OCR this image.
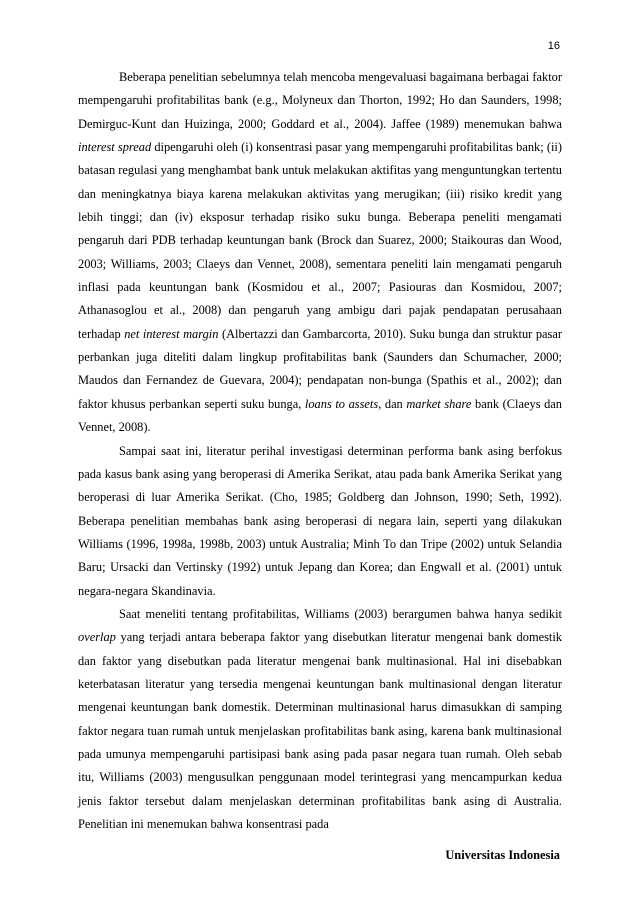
16

Beberapa penelitian sebelumnya telah mencoba mengevaluasi bagaimana berbagai faktor mempengaruhi profitabilitas bank (e.g., Molyneux dan Thorton, 1992; Ho dan Saunders, 1998; Demirguc-Kunt dan Huizinga, 2000; Goddard et al., 2004). Jaffee (1989) menemukan bahwa interest spread dipengaruhi oleh (i) konsentrasi pasar yang mempengaruhi profitabilitas bank; (ii) batasan regulasi yang menghambat bank untuk melakukan aktifitas yang menguntungkan tertentu dan meningkatnya biaya karena melakukan aktivitas yang merugikan; (iii) risiko kredit yang lebih tinggi; dan (iv) eksposur terhadap risiko suku bunga. Beberapa peneliti mengamati pengaruh dari PDB terhadap keuntungan bank (Brock dan Suarez, 2000; Staikouras dan Wood, 2003; Williams, 2003; Claeys dan Vennet, 2008), sementara peneliti lain mengamati pengaruh inflasi pada keuntungan bank (Kosmidou et al., 2007; Pasiouras dan Kosmidou, 2007; Athanasoglou et al., 2008) dan pengaruh yang ambigu dari pajak pendapatan perusahaan terhadap net interest margin (Albertazzi dan Gambarcorta, 2010). Suku bunga dan struktur pasar perbankan juga diteliti dalam lingkup profitabilitas bank (Saunders dan Schumacher, 2000; Maudos dan Fernandez de Guevara, 2004); pendapatan non-bunga (Spathis et al., 2002); dan faktor khusus perbankan seperti suku bunga, loans to assets, dan market share bank (Claeys dan Vennet, 2008).

Sampai saat ini, literatur perihal investigasi determinan performa bank asing berfokus pada kasus bank asing yang beroperasi di Amerika Serikat, atau pada bank Amerika Serikat yang beroperasi di luar Amerika Serikat. (Cho, 1985; Goldberg dan Johnson, 1990; Seth, 1992). Beberapa penelitian membahas bank asing beroperasi di negara lain, seperti yang dilakukan Williams (1996, 1998a, 1998b, 2003) untuk Australia; Minh To dan Tripe (2002) untuk Selandia Baru; Ursacki dan Vertinsky (1992) untuk Jepang dan Korea; dan Engwall et al. (2001) untuk negara-negara Skandinavia.

Saat meneliti tentang profitabilitas, Williams (2003) berargumen bahwa hanya sedikit overlap yang terjadi antara beberapa faktor yang disebutkan literatur mengenai bank domestik dan faktor yang disebutkan pada literatur mengenai bank multinasional. Hal ini disebabkan keterbatasan literatur yang tersedia mengenai keuntungan bank multinasional dengan literatur mengenai keuntungan bank domestik. Determinan multinasional harus dimasukkan di samping faktor negara tuan rumah untuk menjelaskan profitabilitas bank asing, karena bank multinasional pada umunya mempengaruhi partisipasi bank asing pada pasar negara tuan rumah. Oleh sebab itu, Williams (2003) mengusulkan penggunaan model terintegrasi yang mencampurkan kedua jenis faktor tersebut dalam menjelaskan determinan profitabilitas bank asing di Australia. Penelitian ini menemukan bahwa konsentrasi pada

Universitas Indonesia
